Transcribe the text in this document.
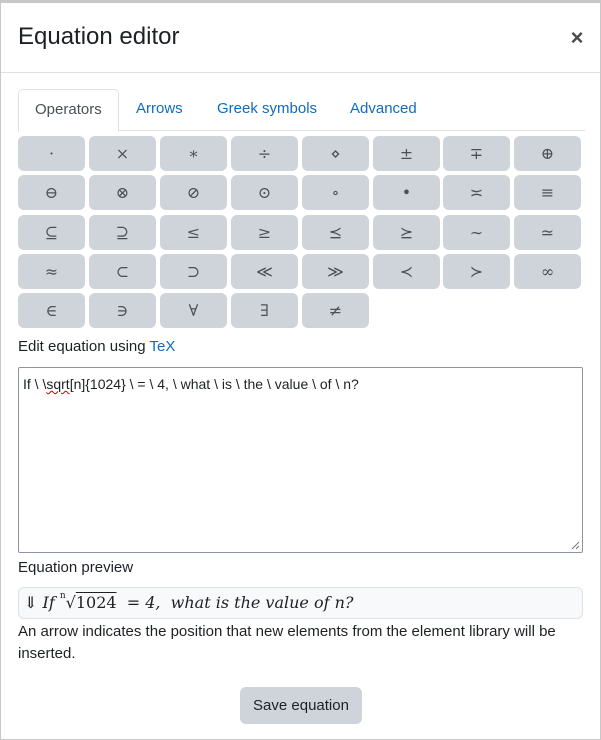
Equation editor	×
Operators	Arrows	Greek symbols	Advanced
·	×	∗	÷	⋄	±	∓	⊕
⊖	⊗	⊘	⊙	∘	•	≍	≡
⊆	⊇	≤	≥	⪯	⪰	∼	≃
≈	⊂	⊃	≪	≫	≺	≻	∞
∈	∋	∀	∃	≠
Edit equation using TeX
If \ \sqrt[n]{1024} \ = \ 4, \ what \ is \ the \ value \ of \ n?
Equation preview
⇓ If $^n$√1024 = 4,  what is the value of n?
An arrow indicates the position that new elements from the element library will be inserted.
Save equation
